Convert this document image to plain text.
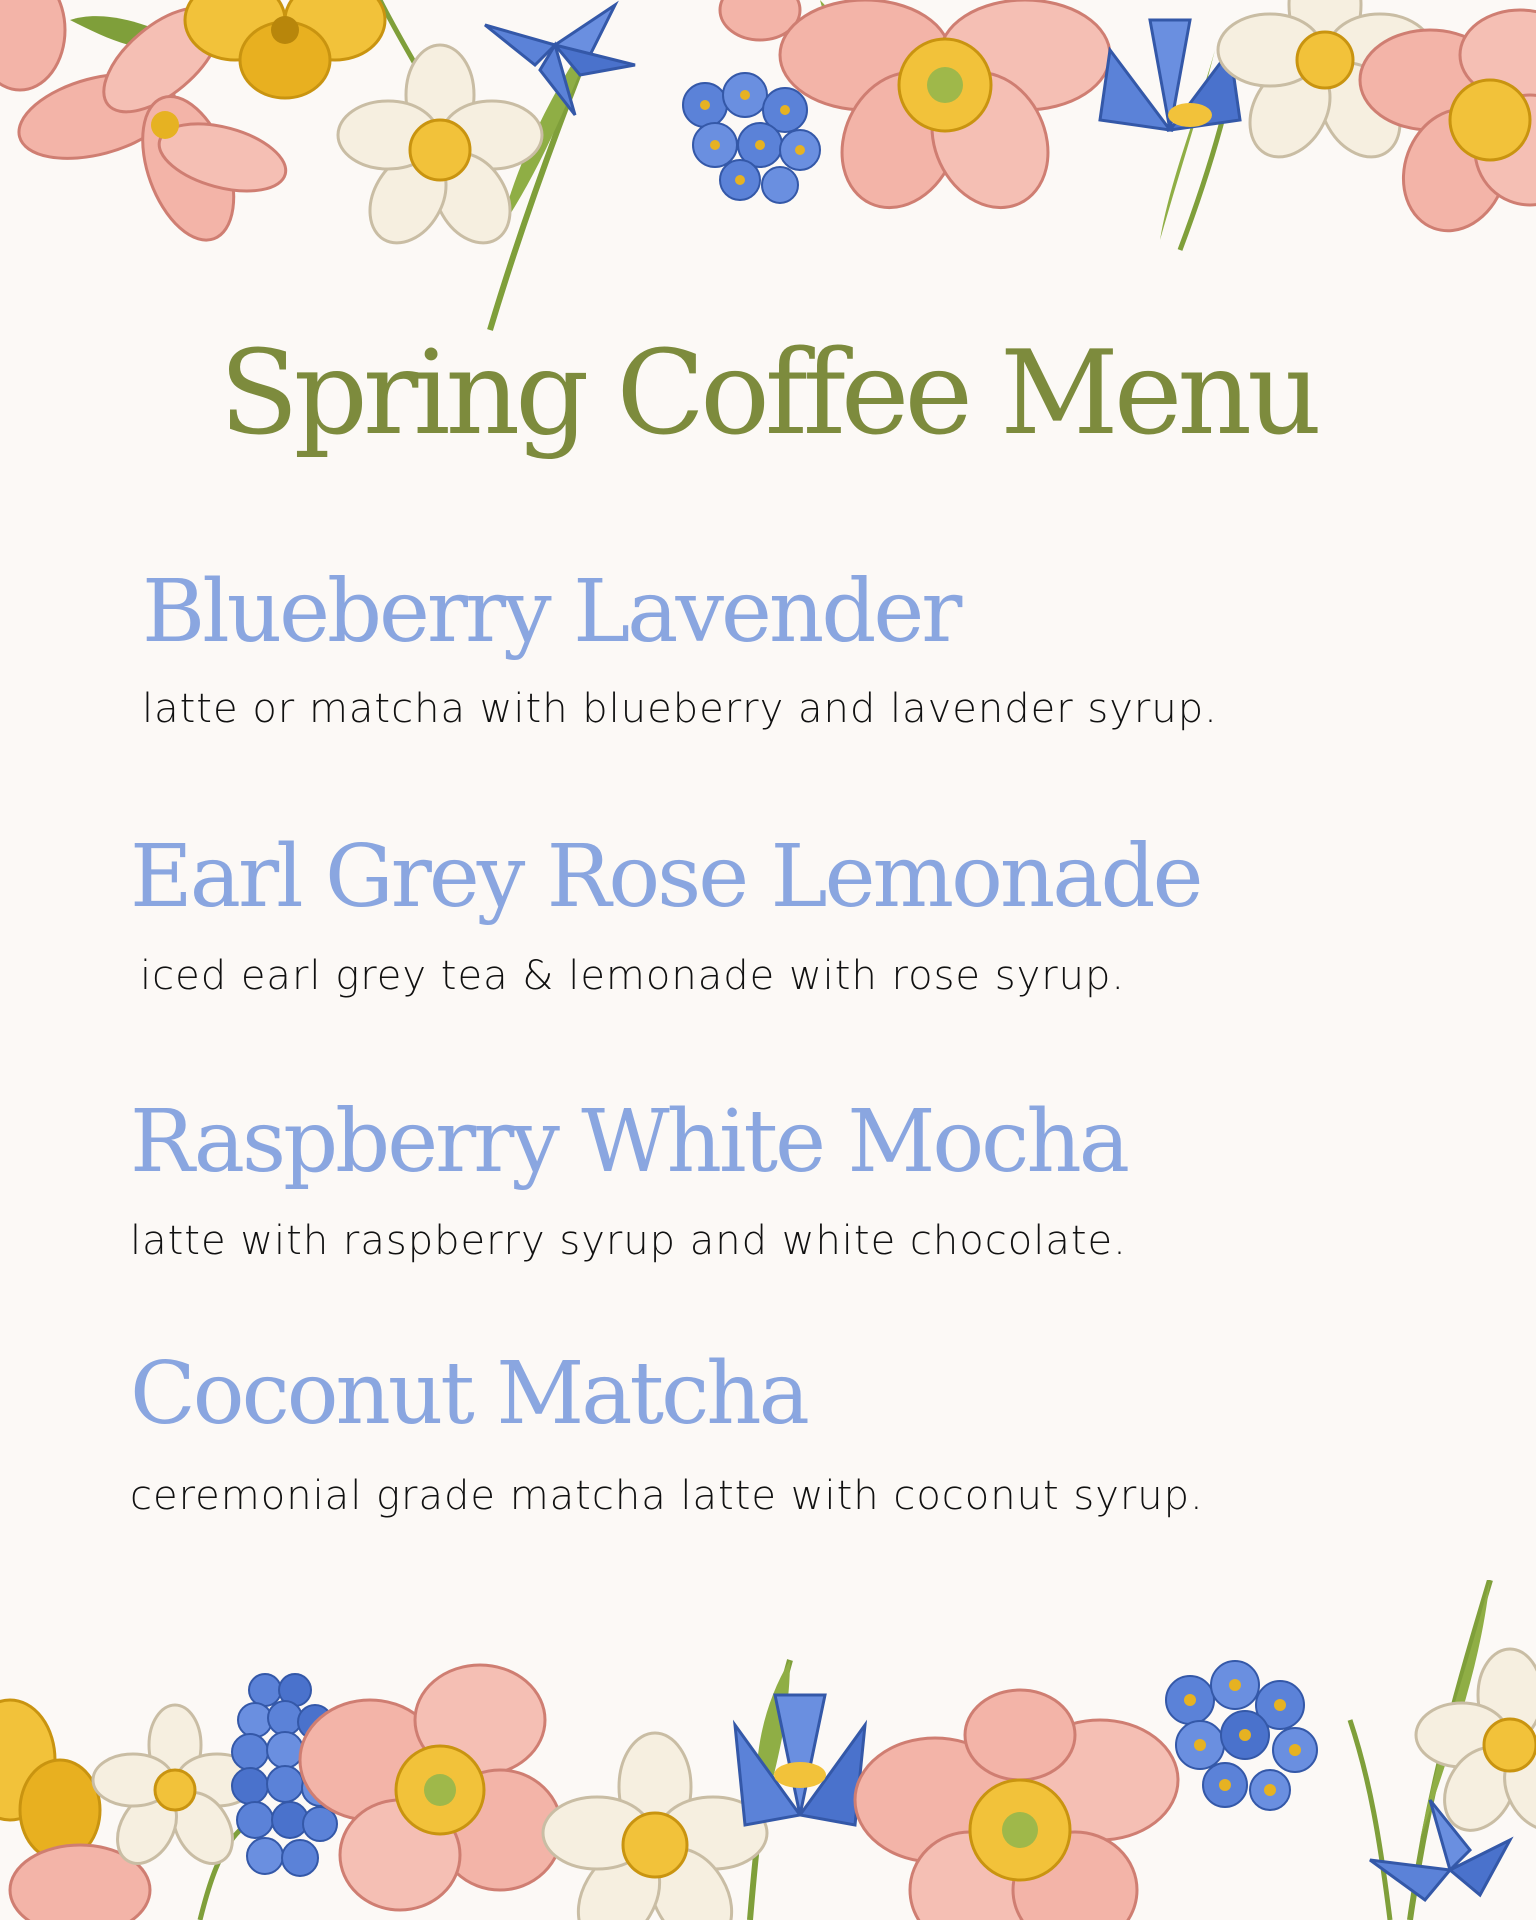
Spring Coffee Menu
Blueberry Lavender

latte or matcha with blueberry and lavender syrup.

Earl Grey Rose Lemonade

iced earl grey tea & lemonade with rose syrup.

Raspberry White Mocha

latte with raspberry syrup and white chocolate.

Coconut Matcha

ceremonial grade matcha latte with coconut syrup.
